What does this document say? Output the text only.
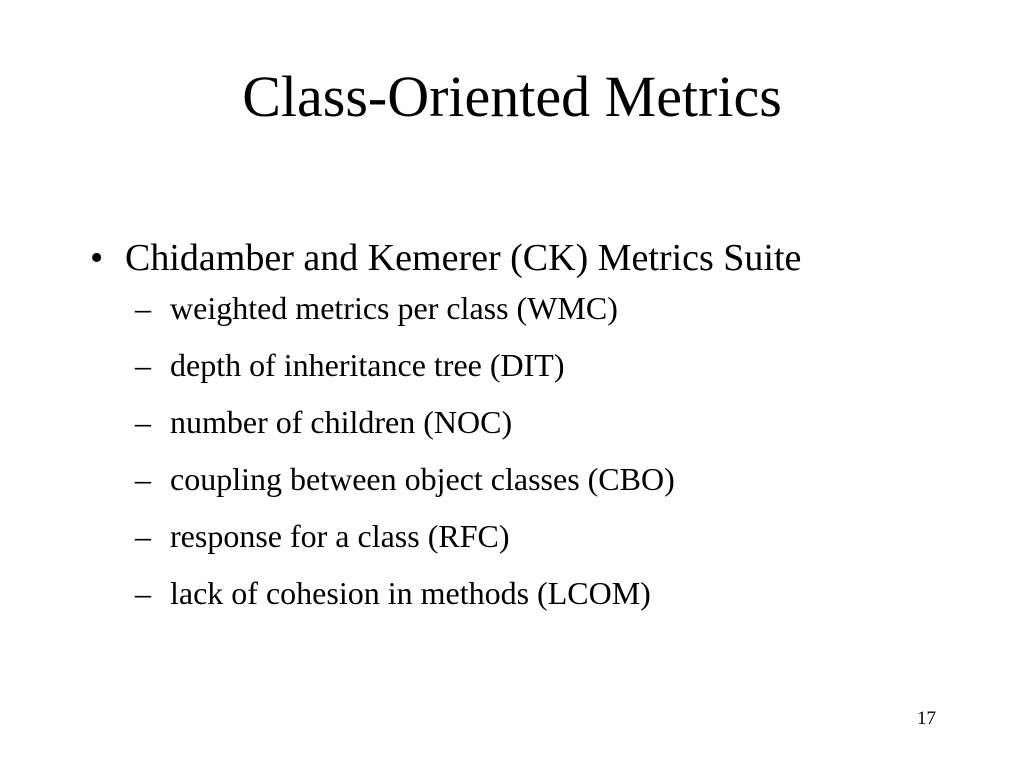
Class-Oriented Metrics
• Chidamber and Kemerer (CK) Metrics Suite
– weighted metrics per class (WMC)
– depth of inheritance tree (DIT)
– number of children (NOC)
– coupling between object classes (CBO)
– response for a class (RFC)
– lack of cohesion in methods (LCOM)
17
